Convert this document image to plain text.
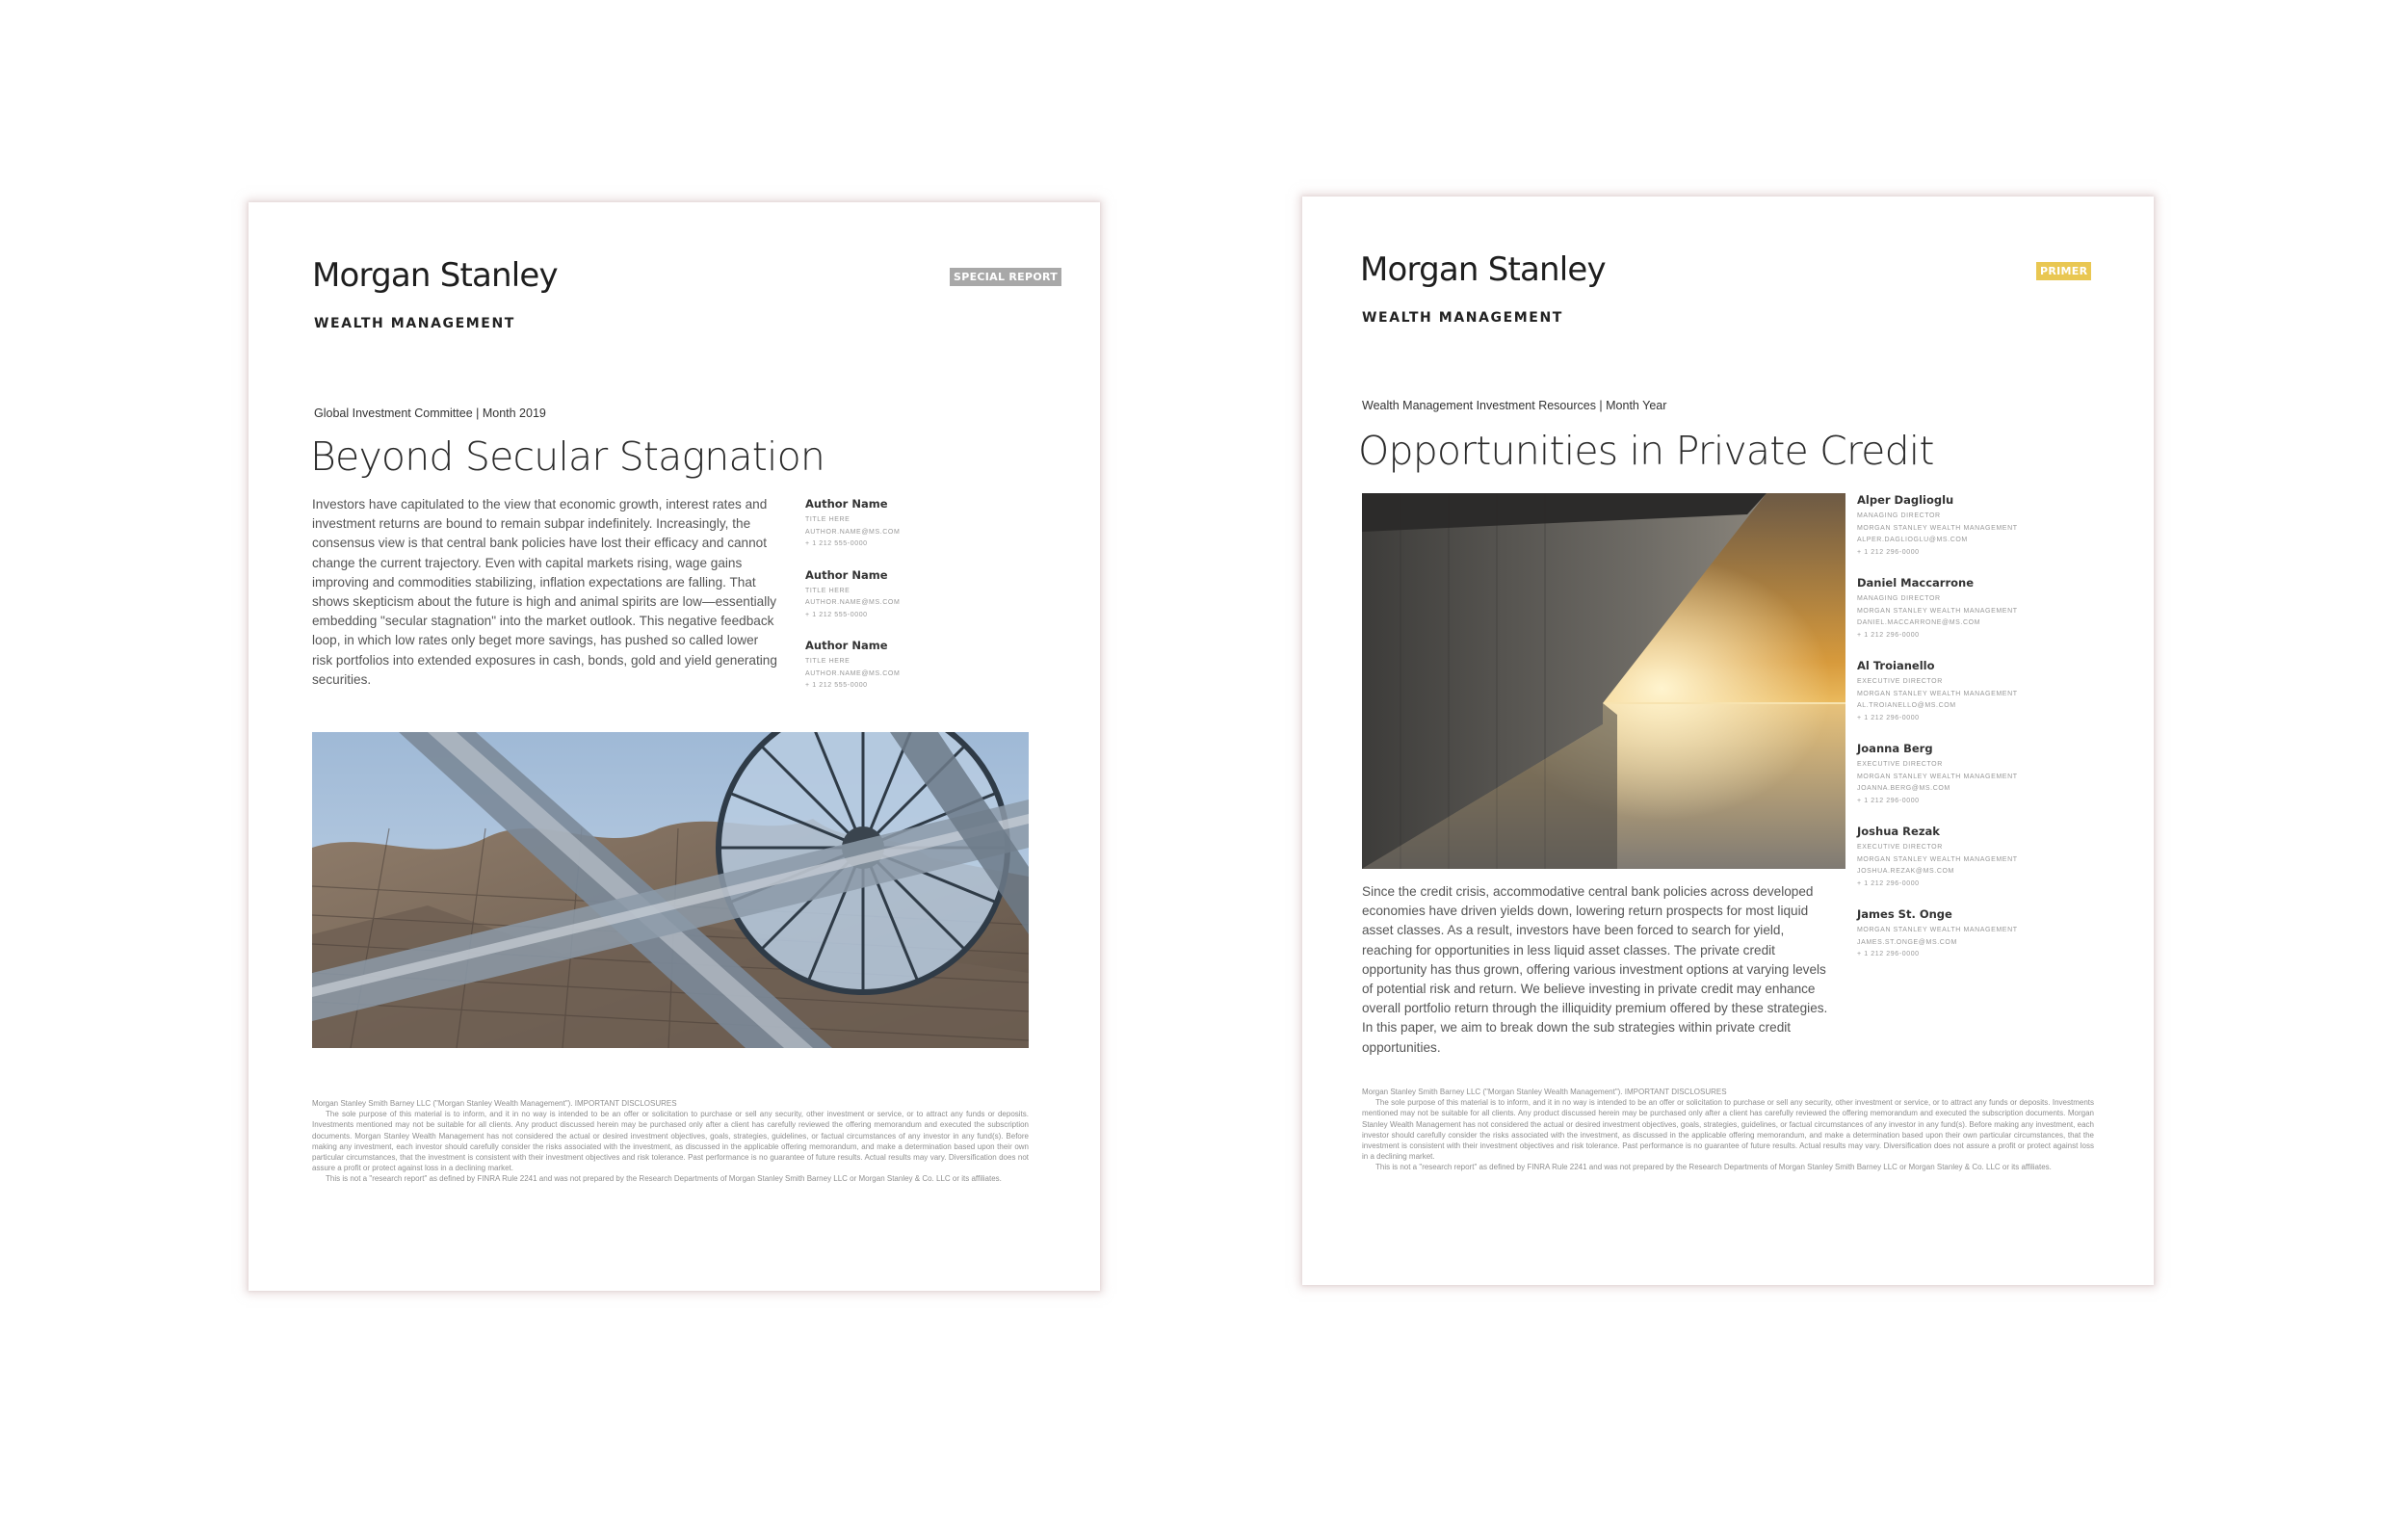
Morgan Stanley
WEALTH MANAGEMENT
SPECIAL REPORT
Global Investment Committee | Month 2019
Beyond Secular Stagnation

Investors have capitulated to the view that economic growth, interest rates and investment returns are bound to remain subpar indefinitely. Increasingly, the consensus view is that central bank policies have lost their efficacy and cannot change the current trajectory. Even with capital markets rising, wage gains improving and commodities stabilizing, inflation expectations are falling. That shows skepticism about the future is high and animal spirits are low—essentially embedding "secular stagnation" into the market outlook. This negative feedback loop, in which low rates only beget more savings, has pushed so called lower risk portfolios into extended exposures in cash, bonds, gold and yield generating securities.

Author Name
TITLE HERE
AUTHOR.NAME@MS.COM
+ 1 212 555-0000
Author Name
TITLE HERE
AUTHOR.NAME@MS.COM
+ 1 212 555-0000
Author Name
TITLE HERE
AUTHOR.NAME@MS.COM
+ 1 212 555-0000
Morgan Stanley Smith Barney LLC ("Morgan Stanley Wealth Management"). IMPORTANT DISCLOSURES
The sole purpose of this material is to inform, and it in no way is intended to be an offer or solicitation to purchase or sell any security, other investment or service, or to attract any funds or deposits. Investments mentioned may not be suitable for all clients. Any product discussed herein may be purchased only after a client has carefully reviewed the offering memorandum and executed the subscription documents. Morgan Stanley Wealth Management has not considered the actual or desired investment objectives, goals, strategies, guidelines, or factual circumstances of any investor in any fund(s). Before making any investment, each investor should carefully consider the risks associated with the investment, as discussed in the applicable offering memorandum, and make a determination based upon their own particular circumstances, that the investment is consistent with their investment objectives and risk tolerance. Past performance is no guarantee of future results. Actual results may vary. Diversification does not assure a profit or protect against loss in a declining market.
This is not a "research report" as defined by FINRA Rule 2241 and was not prepared by the Research Departments of Morgan Stanley Smith Barney LLC or Morgan Stanley & Co. LLC or its affiliates.
Morgan Stanley
WEALTH MANAGEMENT
PRIMER
Wealth Management Investment Resources | Month Year
Opportunities in Private Credit
Alper Daglioglu
MANAGING DIRECTOR
MORGAN STANLEY WEALTH MANAGEMENT
ALPER.DAGLIOGLU@MS.COM
+ 1 212 296-0000
Daniel Maccarrone
MANAGING DIRECTOR
MORGAN STANLEY WEALTH MANAGEMENT
DANIEL.MACCARRONE@MS.COM
+ 1 212 296-0000
Al Troianello
EXECUTIVE DIRECTOR
MORGAN STANLEY WEALTH MANAGEMENT
AL.TROIANELLO@MS.COM
+ 1 212 296-0000
Joanna Berg
EXECUTIVE DIRECTOR
MORGAN STANLEY WEALTH MANAGEMENT
JOANNA.BERG@MS.COM
+ 1 212 296-0000
Joshua Rezak
EXECUTIVE DIRECTOR
MORGAN STANLEY WEALTH MANAGEMENT
JOSHUA.REZAK@MS.COM
+ 1 212 296-0000
James St. Onge
MORGAN STANLEY WEALTH MANAGEMENT
JAMES.ST.ONGE@MS.COM
+ 1 212 296-0000

Since the credit crisis, accommodative central bank policies across developed economies have driven yields down, lowering return prospects for most liquid asset classes. As a result, investors have been forced to search for yield, reaching for opportunities in less liquid asset classes. The private credit opportunity has thus grown, offering various investment options at varying levels of potential risk and return. We believe investing in private credit may enhance overall portfolio return through the illiquidity premium offered by these strategies. In this paper, we aim to break down the sub strategies within private credit opportunities.

Morgan Stanley Smith Barney LLC ("Morgan Stanley Wealth Management"). IMPORTANT DISCLOSURES
The sole purpose of this material is to inform, and it in no way is intended to be an offer or solicitation to purchase or sell any security, other investment or service, or to attract any funds or deposits. Investments mentioned may not be suitable for all clients. Any product discussed herein may be purchased only after a client has carefully reviewed the offering memorandum and executed the subscription documents. Morgan Stanley Wealth Management has not considered the actual or desired investment objectives, goals, strategies, guidelines, or factual circumstances of any investor in any fund(s). Before making any investment, each investor should carefully consider the risks associated with the investment, as discussed in the applicable offering memorandum, and make a determination based upon their own particular circumstances, that the investment is consistent with their investment objectives and risk tolerance. Past performance is no guarantee of future results. Actual results may vary. Diversification does not assure a profit or protect against loss in a declining market.
This is not a "research report" as defined by FINRA Rule 2241 and was not prepared by the Research Departments of Morgan Stanley Smith Barney LLC or Morgan Stanley & Co. LLC or its affiliates.
